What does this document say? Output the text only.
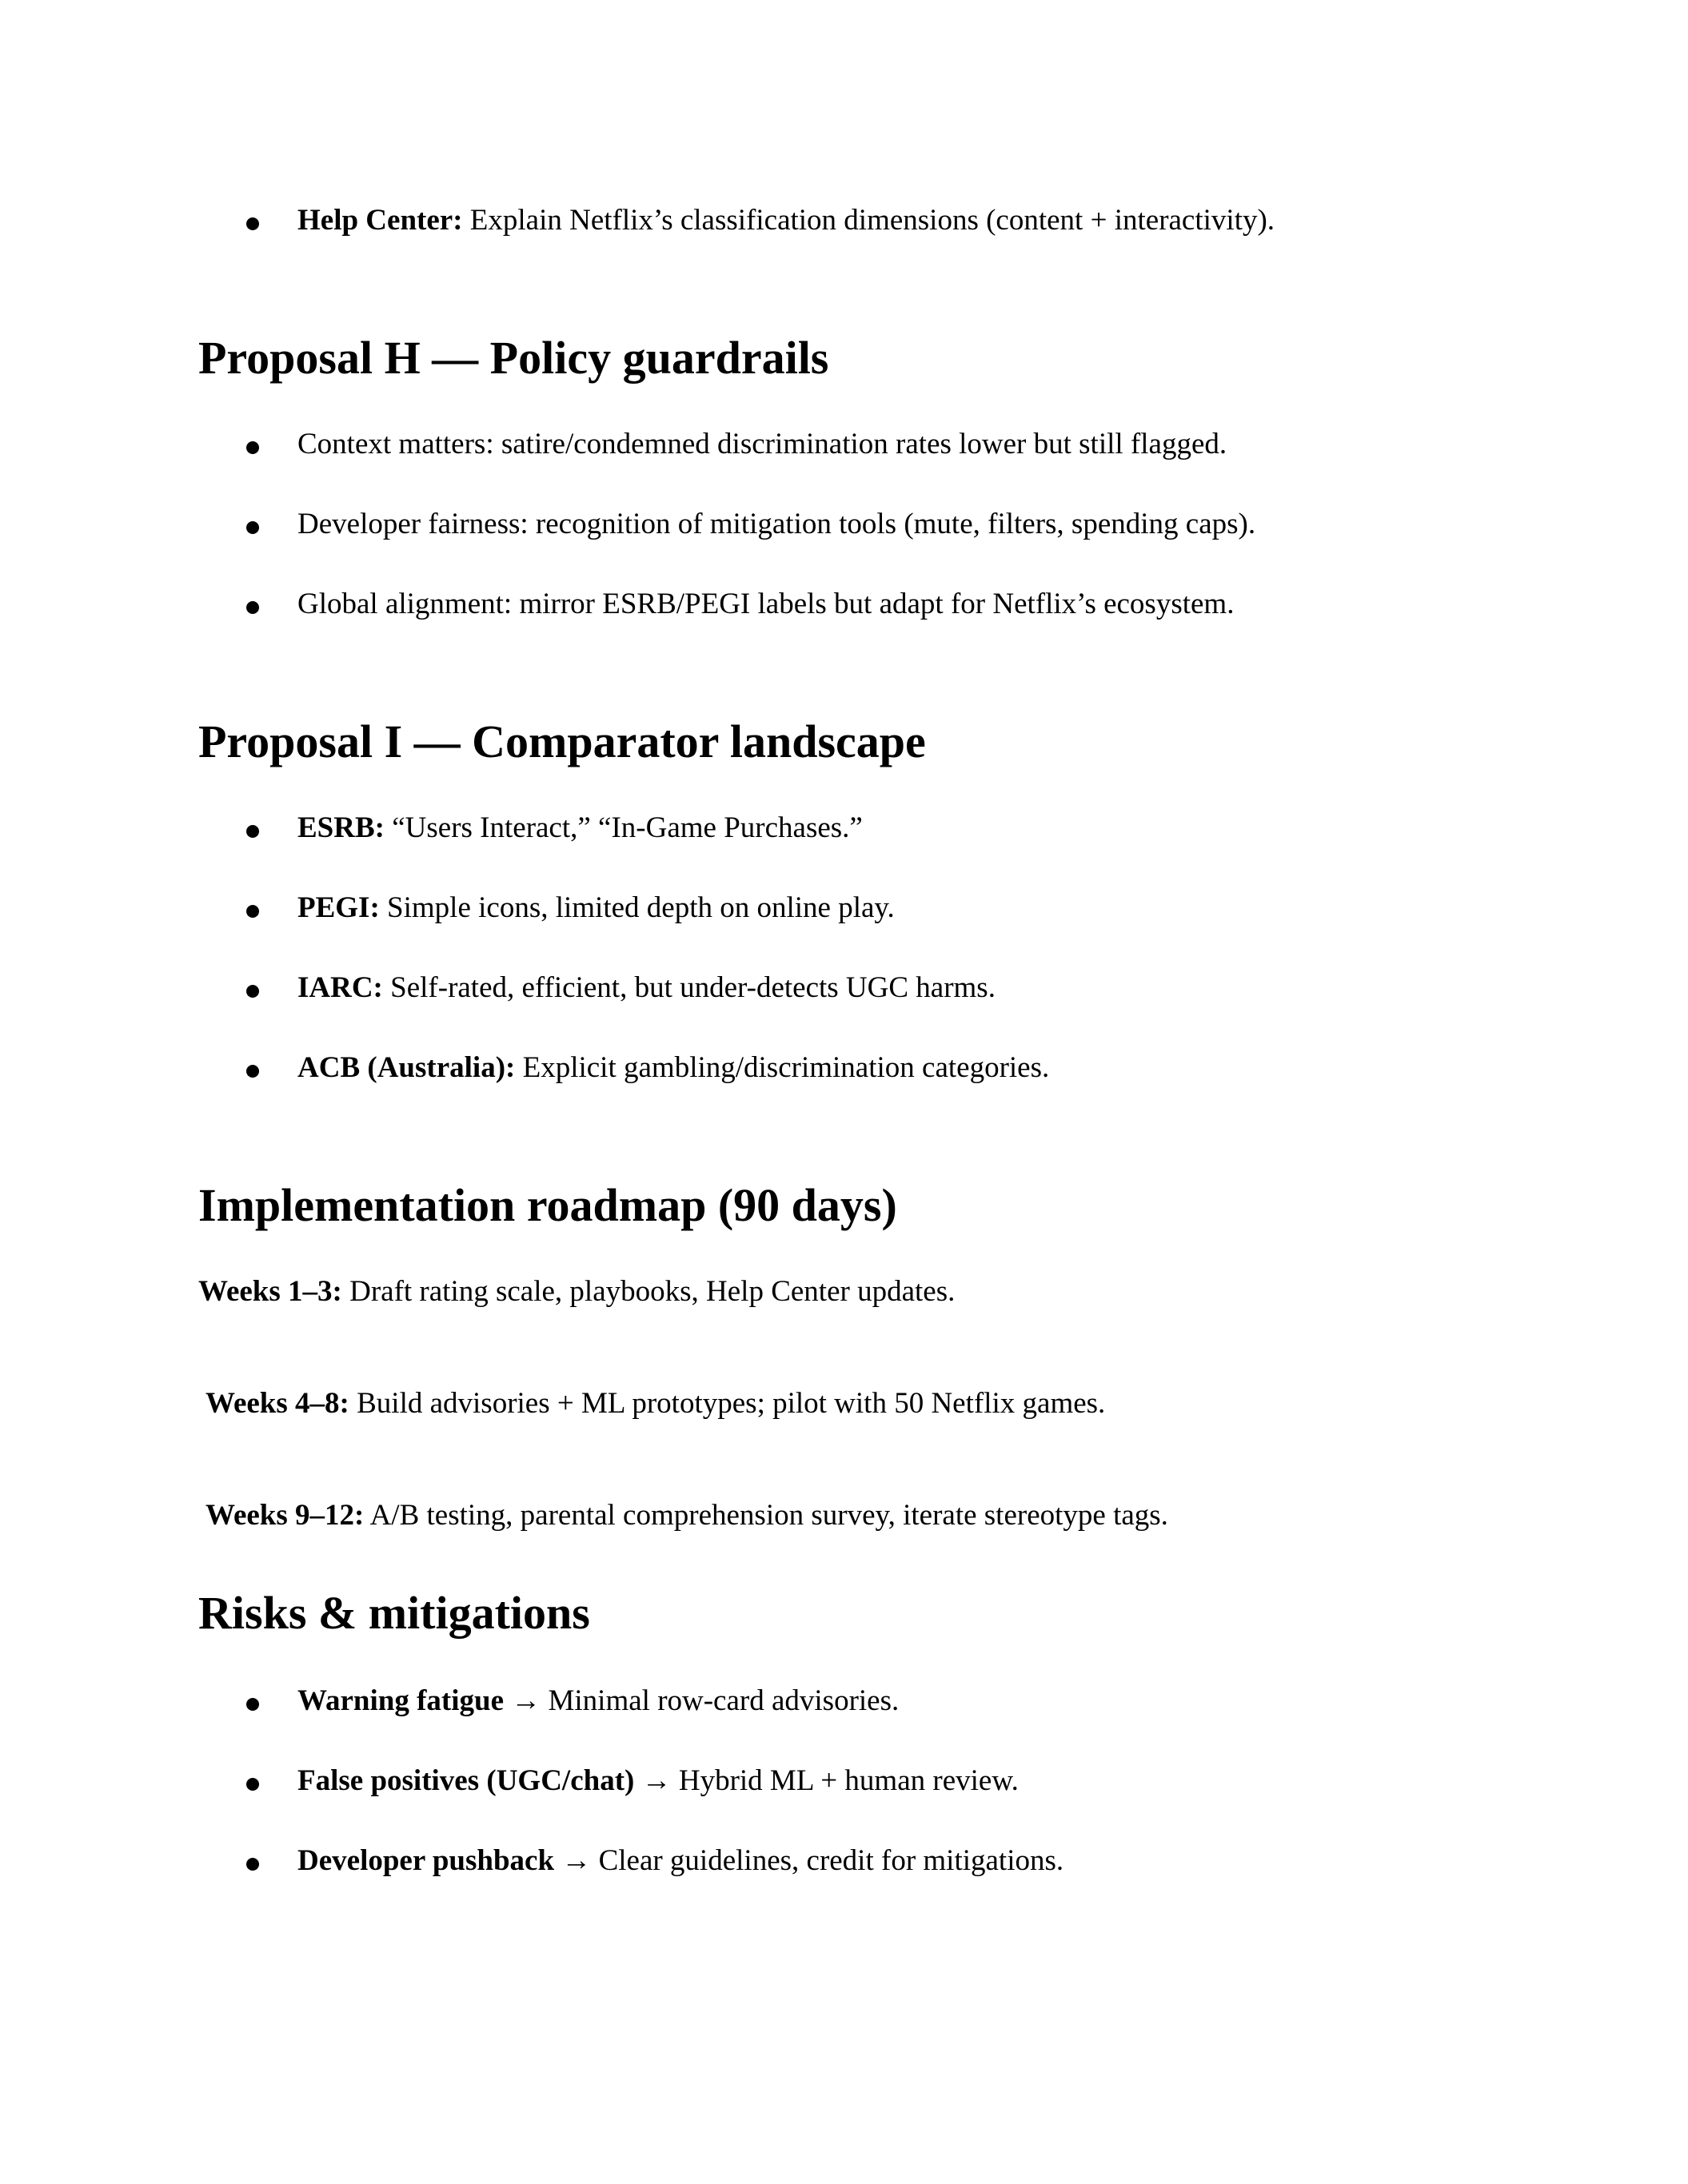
Help Center: Explain Netflix’s classification dimensions (content + interactivity).
Proposal H — Policy guardrails
Context matters: satire/condemned discrimination rates lower but still flagged.
Developer fairness: recognition of mitigation tools (mute, filters, spending caps).
Global alignment: mirror ESRB/PEGI labels but adapt for Netflix’s ecosystem.
Proposal I — Comparator landscape
ESRB: “Users Interact,” “In-Game Purchases.”
PEGI: Simple icons, limited depth on online play.
IARC: Self-rated, efficient, but under-detects UGC harms.
ACB (Australia): Explicit gambling/discrimination categories.
Implementation roadmap (90 days)
Weeks 1–3: Draft rating scale, playbooks, Help Center updates.
Weeks 4–8: Build advisories + ML prototypes; pilot with 50 Netflix games.
Weeks 9–12: A/B testing, parental comprehension survey, iterate stereotype tags.
Risks & mitigations
Warning fatigue → Minimal row-card advisories.
False positives (UGC/chat) → Hybrid ML + human review.
Developer pushback → Clear guidelines, credit for mitigations.
